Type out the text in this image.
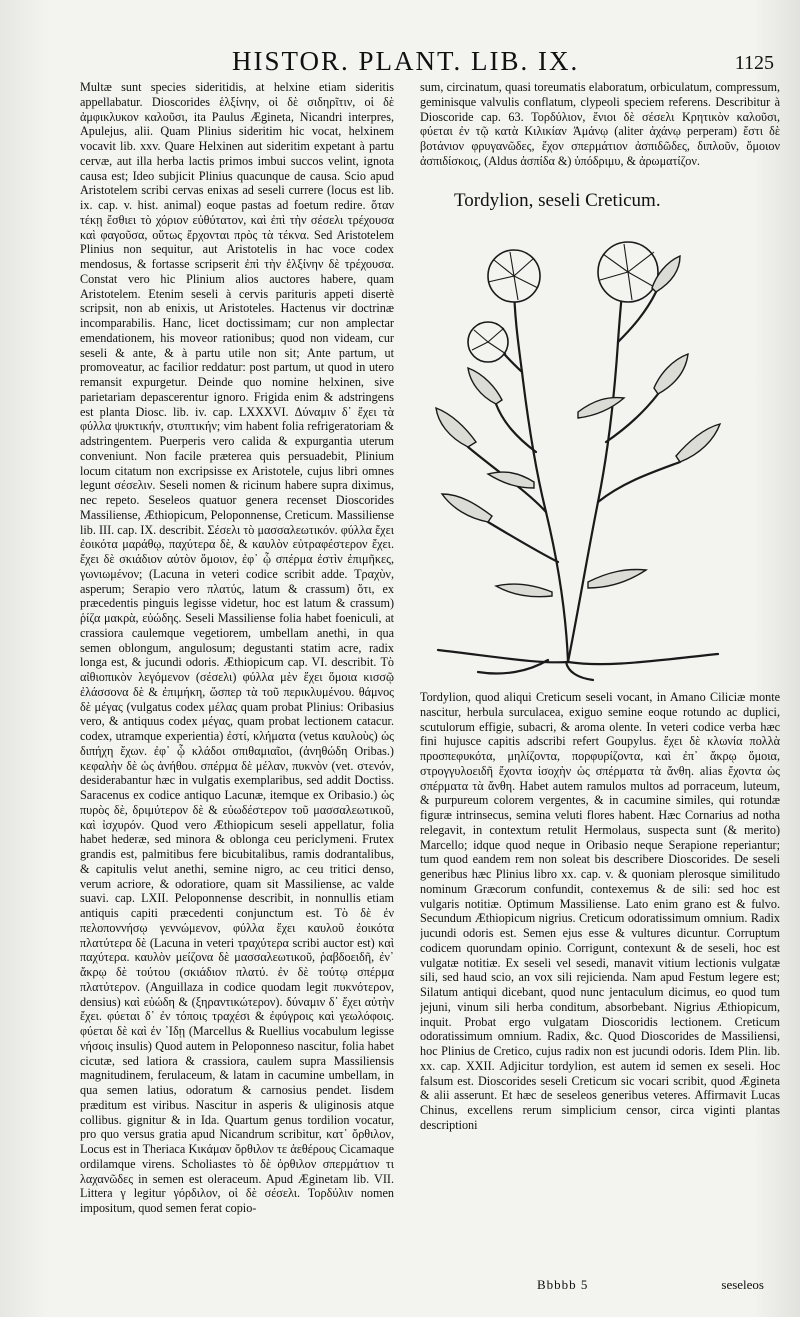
HISTOR. PLANT. LIB. IX.	1125

Multæ sunt species sideritidis, at helxine etiam sideritis appellabatur. Dioscorides ἑλξίνην, οἱ δὲ σιδηρῖτιν, οἱ δὲ ἀμφικλυκον καλοῦσι, ita Paulus Ægineta, Nicandri interpres, Apulejus, alii. Quam Plinius sideritim hic vocat, helxinem vocavit lib. xxv. Quare Helxinen aut sideritim expetant à partu cervæ, aut illa herba lactis primos imbui succos velint, ignota causa est; Ideo subjicit Plinius quacunque de causa. Scio apud Aristotelem scribi cervas enixas ad seseli currere (locus est lib. ix. cap. v. hist. animal) eoque pastas ad foetum redire. ὅταν τέκῃ ἔσθιει τὸ χόριον εὐθύτατον, καὶ ἐπὶ τὴν σέσελι τρέχουσα καὶ φαγοῦσα, οὕτως ἔρχονται πρὸς τὰ τέκνα. Sed Aristotelem Plinius non sequitur, aut Aristotelis in hac voce codex mendosus, & fortasse scripserit ἐπὶ τὴν ἑλξίνην δὲ τρέχουσα. Constat vero hic Plinium alios auctores habere, quam Aristotelem. Etenim seseli à cervis parituris appeti disertè scripsit, non ab enixis, ut Aristoteles. Hactenus vir doctrinæ incomparabilis. Hanc, licet doctissimam; cur non amplectar emendationem, his moveor rationibus; quod non videam, cur seseli & ante, & à partu utile non sit; Ante partum, ut promoveatur, ac facilior reddatur: post partum, ut quod in utero remansit expurgetur. Deinde quo nomine helxinen, sive parietariam depascerentur ignoro. Frigida enim & adstringens est planta Diosc. lib. iv. cap. LXXXVI. Δύναμιν δ᾽ ἔχει τὰ φύλλα ψυκτικήν, στυπτικήν; vim habent folia refrigeratoriam & adstringentem. Puerperis vero calida & expurgantia uterum conveniunt. Non facile præterea quis persuadebit, Plinium locum citatum non excripsisse ex Aristotele, cujus libri omnes legunt σέσελιν. Seseli nomen & ricinum habere supra diximus, nec repeto. Seseleos quatuor genera recenset Dioscorides Massiliense, Æthiopicum, Peloponnense, Creticum. Massiliense lib. III. cap. IX. describit. Σέσελι τὸ μασσαλεωτικόν. φύλλα ἔχει ἐοικότα μαράθῳ, παχύτερα δὲ, & καυλὸν εὐτραφέστερον ἔχει. ἔχει δὲ σκιάδιον αὐτὸν ὅμοιον, ἐφ᾽ ᾧ σπέρμα ἐστὶν ἐπιμῆκες, γωνιωμένον; (Lacuna in veteri codice scribit adde. Τραχὺν, asperum; Serapio vero πλατύς, latum & crassum) ὅτι, ex præcedentis pinguis legisse videtur, hoc est latum & crassum) ῥίζα μακρὰ, εὐώδης. Seseli Massiliense folia habet foeniculi, at crassiora caulemque vegetiorem, umbellam anethi, in qua semen oblongum, angulosum; degustanti statim acre, radix longa est, & jucundi odoris. Æthiopicum cap. VI. describit. Τὸ αἰθιοπικὸν λεγόμενον (σέσελι) φύλλα μὲν ἔχει ὅμοια κισσῷ ἐλάσσονα δὲ & ἐπιμήκη, ὥσπερ τὰ τοῦ περικλυμένου. θάμνος δὲ μέγας (vulgatus codex μέλας quam probat Plinius: Oribasius vero, & antiquus codex μέγας, quam probat lectionem catacur. codex, utramque experientia) ἐστί, κλήματα (vetus καυλοὺς) ὡς διπήχη ἔχων. ἐφ᾽ ᾧ κλάδοι σπιθαμιαῖοι, (ἀνηθώδη Oribas.) κεφαλὴν δὲ ὡς ἀνήθου. σπέρμα δὲ μέλαν, πυκνὸν (vet. στενόν, desiderabantur hæc in vulgatis exemplaribus, sed addit Doctiss. Saracenus ex codice antiquo Lacunæ, itemque ex Oribasio.) ὡς πυρὸς δὲ, δριμύτερον δὲ & εὐωδέστερον τοῦ μασσαλεωτικοῦ, καὶ ἰσχυρόν. Quod vero Æthiopicum seseli appellatur, folia habet hederæ, sed minora & oblonga ceu periclymeni. Frutex grandis est, palmitibus fere bicubitalibus, ramis dodrantalibus, & capitulis velut anethi, semine nigro, ac ceu tritici denso, verum acriore, & odoratiore, quam sit Massiliense, ac valde suavi. cap. LXII. Peloponnense describit, in nonnullis etiam antiquis capiti præcedenti conjunctum est. Τὸ δὲ ἐν πελοποννήσῳ γεννώμενον, φύλλα ἔχει καυλοῦ ἐοικότα πλατύτερα δὲ (Lacuna in veteri τραχύτερα scribi auctor est) καὶ παχύτερα. καυλὸν μείζονα δὲ μασσαλεωτικοῦ, ῥαβδοειδῆ, ἐν᾽ ἄκρῳ δὲ τούτου (σκιάδιον πλατύ. ἐν δὲ τούτῳ σπέρμα πλατύτερον. (Anguillaza in codice quodam legit πυκνότερον, densius) καὶ εὐώδη & (ξηραντικώτερον). δύναμιν δ᾽ ἔχει αὐτὴν ἔχει. φύεται δ᾽ ἐν τόποις τραχέσι & ἐφύγροις καὶ γεωλόφοις. φύεται δὲ καὶ ἐν ᾽Ιδῃ (Marcellus & Ruellius vocabulum legisse νήσοις insulis) Quod autem in Peloponneso nascitur, folia habet cicutæ, sed latiora & crassiora, caulem supra Massiliensis magnitudinem, ferulaceum, & latam in cacumine umbellam, in qua semen latius, odoratum & carnosius pendet. Iisdem præditum est viribus. Nascitur in asperis & uliginosis atque collibus. gignitur & in Ida. Quartum genus tordilion vocatur, pro quo versus gratia apud Nicandrum scribitur, κατ᾽ ὄρθιλον, Locus est in Theriaca Κικάμαν ὄρθιλον τε ἀεθέρους Cicamaque ordilamque virens. Scholiastes τὸ δὲ ὀρθιλον σπερμάτιον τι λαχανῶδες in semen est oleraceum. Apud Æginetam lib. VII. Littera γ legitur γόρδιλον, οἱ δὲ σέσελι. Τορδύλιν nomen impositum, quod semen ferat copio-

sum, circinatum, quasi toreumatis elaboratum, orbiculatum, compressum, geminisque valvulis conflatum, clypeoli speciem referens. Describitur à Dioscoride cap. 63. Τορδύλιον, ἔνιοι δὲ σέσελι Κρητικὸν καλοῦσι, φύεται ἐν τῷ κατὰ Κιλικίαν Ἀμάνῳ (aliter ἀχάνῳ perperam) ἔστι δὲ βοτάνιον φρυγανῶδες, ἔχον σπερμάτιον ἀσπιδῶδες, διπλοῦν, ὅμοιον ἀσπιδίσκοις, (Aldus ἀσπίδα &) ὑπόδριμυ, & ἀρωματίζον.

Tordylion, seseli Creticum.

Tordylion, quod aliqui Creticum seseli vocant, in Amano Ciliciæ monte nascitur, herbula surculacea, exiguo semine eoque rotundo ac duplici, scutulorum effigie, subacri, & aroma olente. In veteri codice verba hæc fini hujusce capitis adscribi refert Goupylus. ἔχει δὲ κλωνία πολλὰ προσπεφυκότα, μηλίζοντα, πορφυρίζοντα, καὶ ἐπ᾽ ἄκρῳ ὅμοια, στρογγυλοειδῆ ἔχοντα ἰσοχὴν ὡς σπέρματα τὰ ἄνθη. alias ἔχοντα ὡς σπέρματα τὰ ἄνθη. Habet autem ramulos multos ad porraceum, luteum, & purpureum colorem vergentes, & in cacumine similes, qui rotundæ figuræ intrinsecus, semina veluti flores habent. Hæc Cornarius ad notha relegavit, in contextum retulit Hermolaus, suspecta sunt (& merito) Marcello; idque quod neque in Oribasio neque Serapione reperiantur; tum quod eandem rem non soleat bis describere Dioscorides. De seseli generibus hæc Plinius libro xx. cap. v. & quoniam plerosque similitudo nominum Græcorum confundit, contexemus & de sili: sed hoc est vulgaris notitiæ. Optimum Massiliense. Lato enim grano est & fulvo. Secundum Æthiopicum nigrius. Creticum odoratissimum omnium. Radix jucundi odoris est. Semen ejus esse & vultures dicuntur. Corruptum codicem quorundam opinio. Corrigunt, contexunt & de seseli, hoc est vulgatæ notitiæ. Ex seseli vel sesedi, manavit vitium lectionis vulgatæ sili, sed haud scio, an vox sili rejicienda. Nam apud Festum legere est; Silatum antiqui dicebant, quod nunc jentaculum dicimus, eo quod tum jejuni, vinum sili herba conditum, absorbebant. Nigrius Æthiopicum, inquit. Probat ergo vulgatam Dioscoridis lectionem. Creticum odoratissimum omnium. Radix, &c. Quod Dioscorides de Massiliensi, hoc Plinius de Cretico, cujus radix non est jucundi odoris. Idem Plin. lib. xx. cap. XXII. Adjicitur tordylion, est autem id semen ex seseli. Hoc falsum est. Dioscorides seseli Creticum sic vocari scribit, quod Ægineta & alii asserunt. Et hæc de seseleos generibus veteres. Affirmavit Lucas Chinus, excellens rerum simplicium censor, circa viginti plantas descriptioni

Bbbbb 5	seseleos
